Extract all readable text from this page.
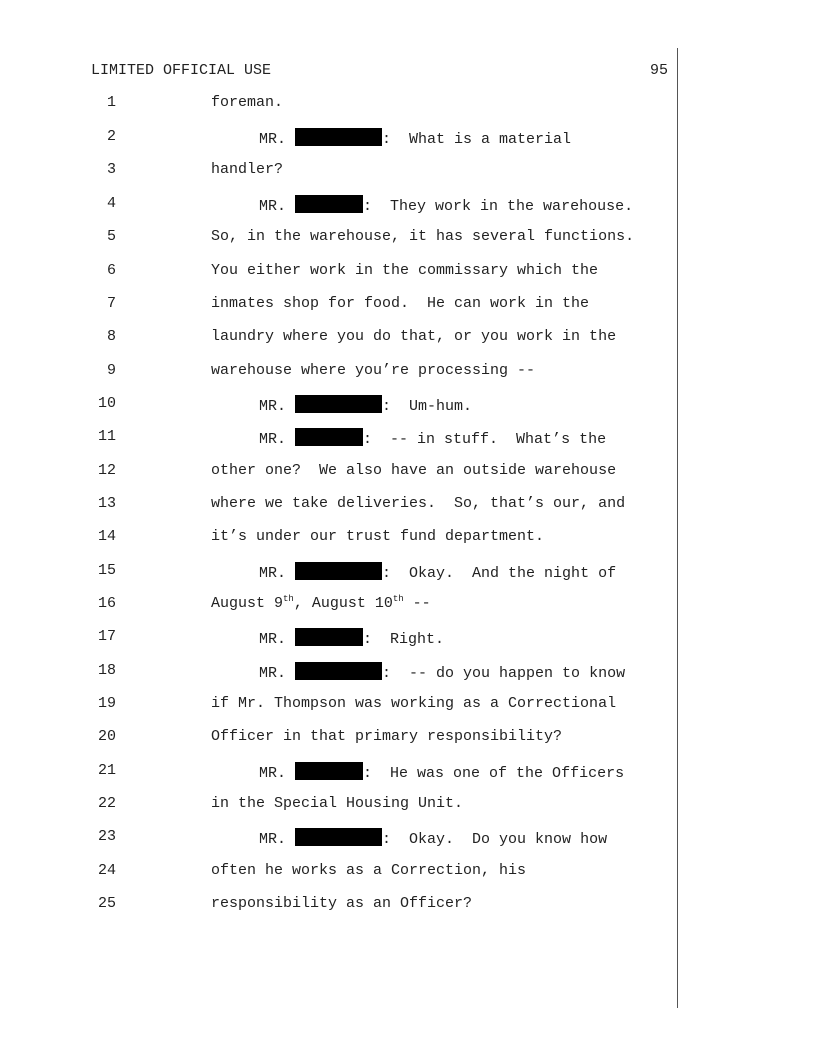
LIMITED OFFICIAL USE	95
1	foreman.
2	MR.	:  What is a material
3	handler?
4	MR.	:  They work in the warehouse.
5	So, in the warehouse, it has several functions.
6	You either work in the commissary which the
7	inmates shop for food.  He can work in the
8	laundry where you do that, or you work in the
9	warehouse where you’re processing --
10	MR.	:  Um-hum.
11	MR.	:  -- in stuff.  What’s the
12	other one?  We also have an outside warehouse
13	where we take deliveries.  So, that’s our, and
14	it’s under our trust fund department.
15	MR.	:  Okay.  And the night of
16	August 9th, August 10th --
17	MR.	:  Right.
18	MR.	:  -- do you happen to know
19	if Mr. Thompson was working as a Correctional
20	Officer in that primary responsibility?
21	MR.	:  He was one of the Officers
22	in the Special Housing Unit.
23	MR.	:  Okay.  Do you know how
24	often he works as a Correction, his
25	responsibility as an Officer?
